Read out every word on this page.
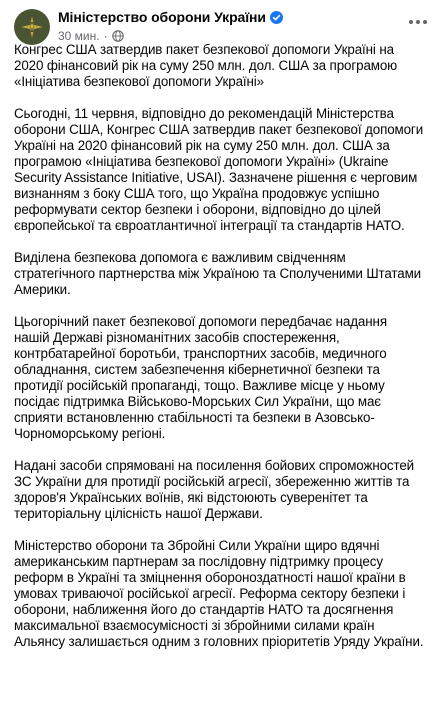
Міністерство оборони України
30 мин. ·

Конгрес США затвердив пакет безпекової допомоги Україні на
2020 фінансовий рік на суму 250 млн. дол. США за програмою
«Ініціатива безпекової допомоги Україні»

Сьогодні, 11 червня, відповідно до рекомендацій Міністерства
оборони США, Конгрес США затвердив пакет безпекової допомоги
Україні на 2020 фінансовий рік на суму 250 млн. дол. США за
програмою «Ініціатива безпекової допомоги Україні» (Ukraine
Security Assistance Initiative, USAI). Зазначене рішення є черговим
визнанням з боку США того, що Україна продовжує успішно
реформувати сектор безпеки і оборони, відповідно до цілей
європейської та євроатлантичної інтеграції та стандартів НАТО.

Виділена безпекова допомога є важливим свідченням
стратегічного партнерства між Україною та Сполученими Штатами
Америки.

Цьогорічний пакет безпекової допомоги передбачає надання
нашій Державі різноманітних засобів спостереження,
контрбатарейної боротьби, транспортних засобів, медичного
обладнання, систем забезпечення кібернетичної безпеки та
протидії російській пропаганді, тощо. Важливе місце у ньому
посідає підтримка Військово-Морських Сил України, що має
сприяти встановленню стабільності та безпеки в Азовсько-
Чорноморському регіоні.

Надані засоби спрямовані на посилення бойових спроможностей
ЗС України для протидії російській агресії, збереженню життів та
здоров'я Українських воїнів, які відстоюють суверенітет та
територіальну цілісність нашої Держави.

Міністерство оборони та Збройні Сили України щиро вдячні
американським партнерам за послідовну підтримку процесу
реформ в Україні та зміцнення обороноздатності нашої країни в
умовах триваючої російської агресії. Реформа сектору безпеки і
оборони, наближення його до стандартів НАТО та досягнення
максимальної взаємосумісності зі збройними силами країн
Альянсу залишається одним з головних пріоритетів Уряду України.
